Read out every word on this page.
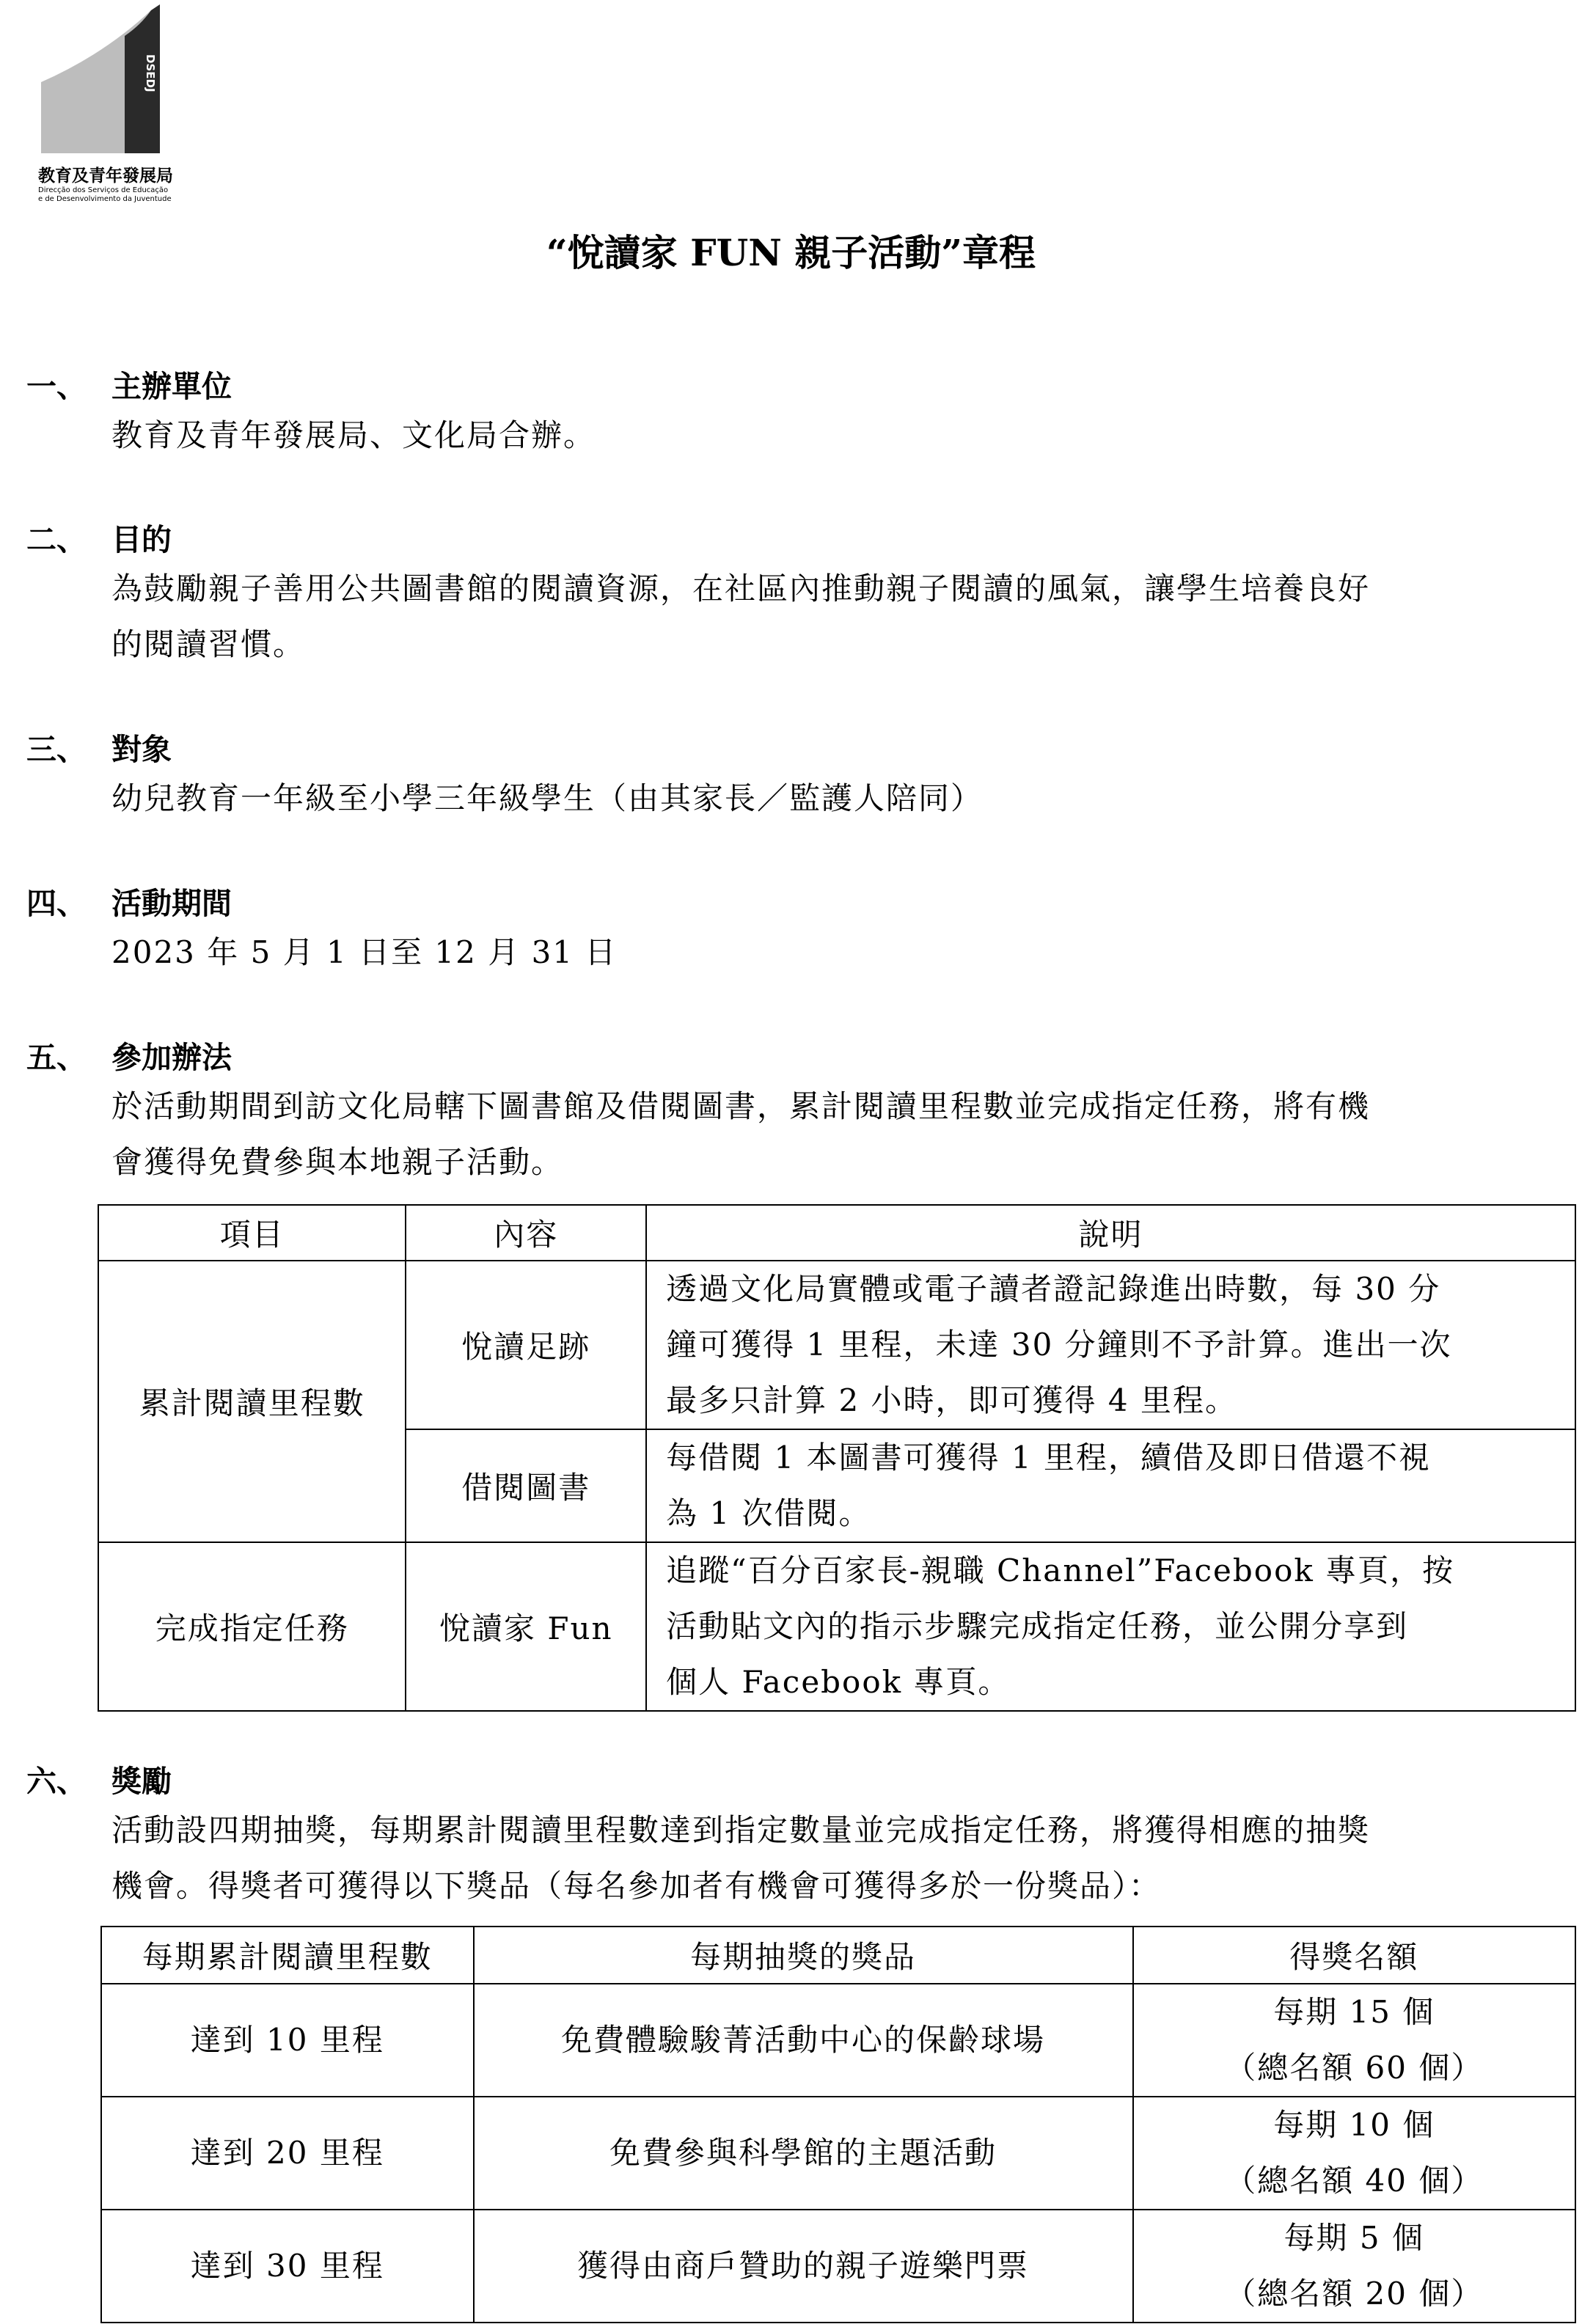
DSEDJ
教育及青年發展局
Direcção dos Serviços de Educação
e de Desenvolvimento da Juventude
“悅讀家 FUN 親子活動”章程
一、 主辦單位
教育及青年發展局、文化局合辦。
二、 目的
為鼓勵親子善用公共圖書館的閱讀資源，在社區內推動親子閱讀的風氣，讓學生培養良好
的閱讀習慣。
三、 對象
幼兒教育一年級至小學三年級學生（由其家長／監護人陪同）
四、 活動期間
2023 年 5 月 1 日至 12 月 31 日
五、 參加辦法
於活動期間到訪文化局轄下圖書館及借閱圖書，累計閱讀里程數並完成指定任務，將有機
會獲得免費參與本地親子活動。
項目	內容	說明
累計閱讀里程數	悅讀足跡	透過文化局實體或電子讀者證記錄進出時數，每 30 分
鐘可獲得 1 里程，未達 30 分鐘則不予計算。進出一次
最多只計算 2 小時，即可獲得 4 里程。

	借閱圖書	每借閱 1 本圖書可獲得 1 里程，續借及即日借還不視
為 1 次借閱。

完成指定任務	悅讀家 Fun	追蹤“百分百家長-親職 Channel”Facebook 專頁，按
活動貼文內的指示步驟完成指定任務，並公開分享到
個人 Facebook 專頁。
六、 獎勵
活動設四期抽獎，每期累計閱讀里程數達到指定數量並完成指定任務，將獲得相應的抽獎
機會。得獎者可獲得以下獎品（每名參加者有機會可獲得多於一份獎品）：
每期累計閱讀里程數	每期抽獎的獎品	得獎名額
達到 10 里程	免費體驗駿菁活動中心的保齡球場	每期 15 個
（總名額 60 個）

達到 20 里程	免費參與科學館的主題活動	每期 10 個
（總名額 40 個）

達到 30 里程	獲得由商戶贊助的親子遊樂門票	每期 5 個
（總名額 20 個）
